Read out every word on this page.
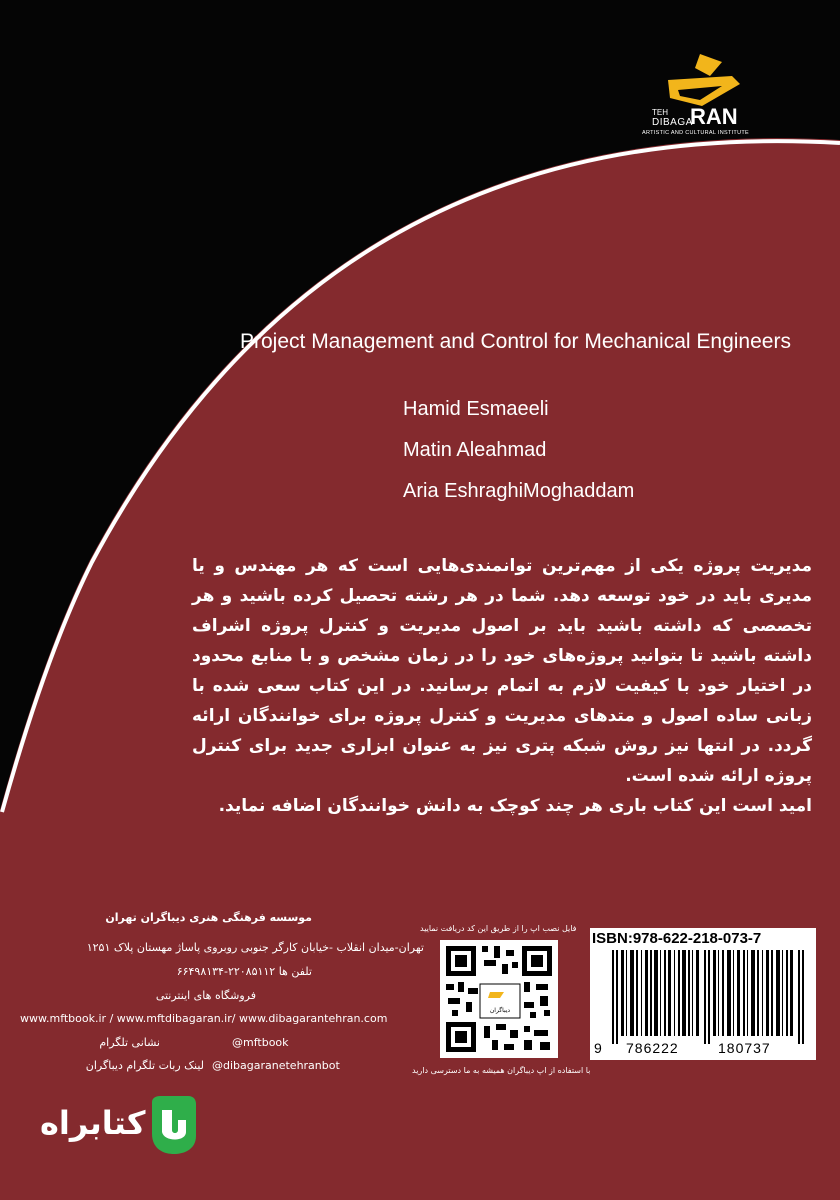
TEH
DIBAGA
RAN
ARTISTIC AND CULTURAL INSTITUTE
Project Management and Control for Mechanical Engineers
Hamid Esmaeeli
Matin Aleahmad
Aria EshraghiMoghaddam

مدیریت پروژه یکی از مهم‌ترین توانمندی‌هایی است که هر مهندس و یا مدیری باید در خود توسعه دهد. شما در هر رشته تحصیل کرده باشید و هر تخصصی که داشته باشید باید بر اصول مدیریت و کنترل پروژه اشراف داشته باشید تا بتوانید پروژه‌های خود را در زمان مشخص و با منابع محدود در اختیار خود با کیفیت لازم به اتمام برسانید. در این کتاب سعی شده با زبانی ساده اصول و متدهای مدیریت و کنترل پروژه برای خوانندگان ارائه گردد. در انتها نیز روش شبکه پتری نیز به عنوان ابزاری جدید برای کنترل پروژه ارائه شده است.

امید است این کتاب باری هر چند کوچک به دانش خوانندگان اضافه نماید.

موسسه فرهنگی هنری دیباگران تهران
تهران-میدان انقلاب -خیابان کارگر جنوبی روبروی پاساژ مهستان پلاک ۱۲۵۱
تلفن ها ۲۲۰۸۵۱۱۲-۶۶۴۹۸۱۳۴
فروشگاه های اینترنتی
www.mftbook.ir / www.mftdibagaran.ir/ www.dibagarantehran.com
@mftbook
نشانی تلگرام
@dibagaranetehranbot
لینک ربات تلگرام دیباگران
فایل نصب اپ را از طریق این کد دریافت نمایید
دیباگران
با استفاده از اپ دیباگران همیشه به ما دسترسی دارید
ISBN:978-622-218-073-7
9 786222	180737
کتابراه
